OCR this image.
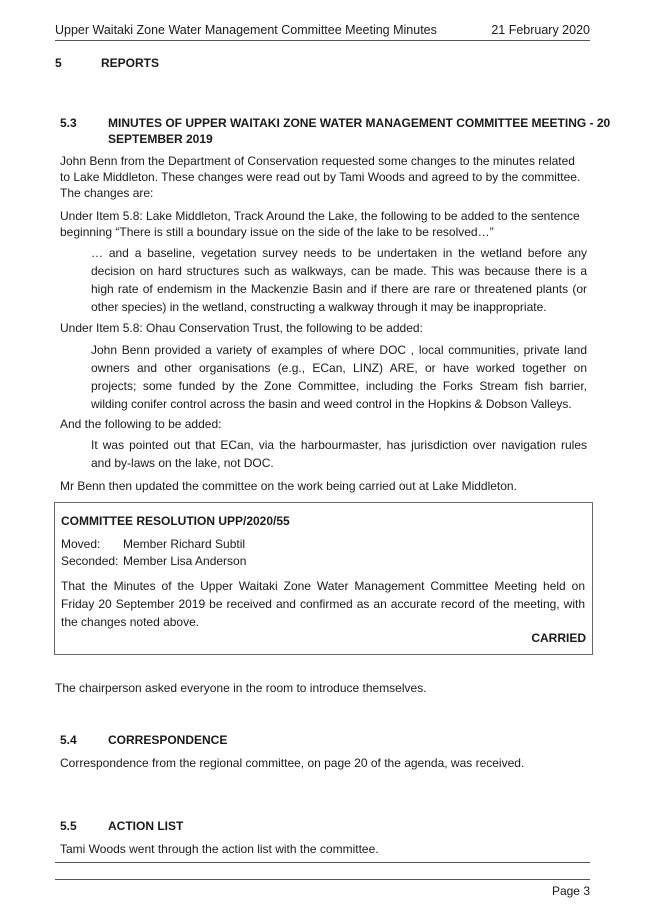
Upper Waitaki Zone Water Management Committee Meeting Minutes	21 February 2020
5	REPORTS
5.3	MINUTES OF UPPER WAITAKI ZONE WATER MANAGEMENT COMMITTEE MEETING - 20
SEPTEMBER 2019
John Benn from the Department of Conservation requested some changes to the minutes related to Lake Middleton. These changes were read out by Tami Woods and agreed to by the committee. The changes are:
Under Item 5.8: Lake Middleton, Track Around the Lake, the following to be added to the sentence beginning “There is still a boundary issue on the side of the lake to be resolved…”
… and a baseline, vegetation survey needs to be undertaken in the wetland before any decision on hard structures such as walkways, can be made. This was because there is a high rate of endemism in the Mackenzie Basin and if there are rare or threatened plants (or other species) in the wetland, constructing a walkway through it may be inappropriate.
Under Item 5.8: Ohau Conservation Trust, the following to be added:
John Benn provided a variety of examples of where DOC , local communities, private land owners and other organisations (e.g., ECan, LINZ) ARE, or have worked together on projects; some funded by the Zone Committee, including the Forks Stream fish barrier, wilding conifer control across the basin and weed control in the Hopkins & Dobson Valleys.
And the following to be added:
It was pointed out that ECan, via the harbourmaster, has jurisdiction over navigation rules and by-laws on the lake, not DOC.
Mr Benn then updated the committee on the work being carried out at Lake Middleton.
COMMITTEE RESOLUTION UPP/2020/55
Moved: Member Richard Subtil
Seconded: Member Lisa Anderson
That the Minutes of the Upper Waitaki Zone Water Management Committee Meeting held on Friday 20 September 2019 be received and confirmed as an accurate record of the meeting, with the changes noted above.
CARRIED
The chairperson asked everyone in the room to introduce themselves.
5.4	CORRESPONDENCE
Correspondence from the regional committee, on page 20 of the agenda, was received.
5.5	ACTION LIST
Tami Woods went through the action list with the committee.
Page 3
